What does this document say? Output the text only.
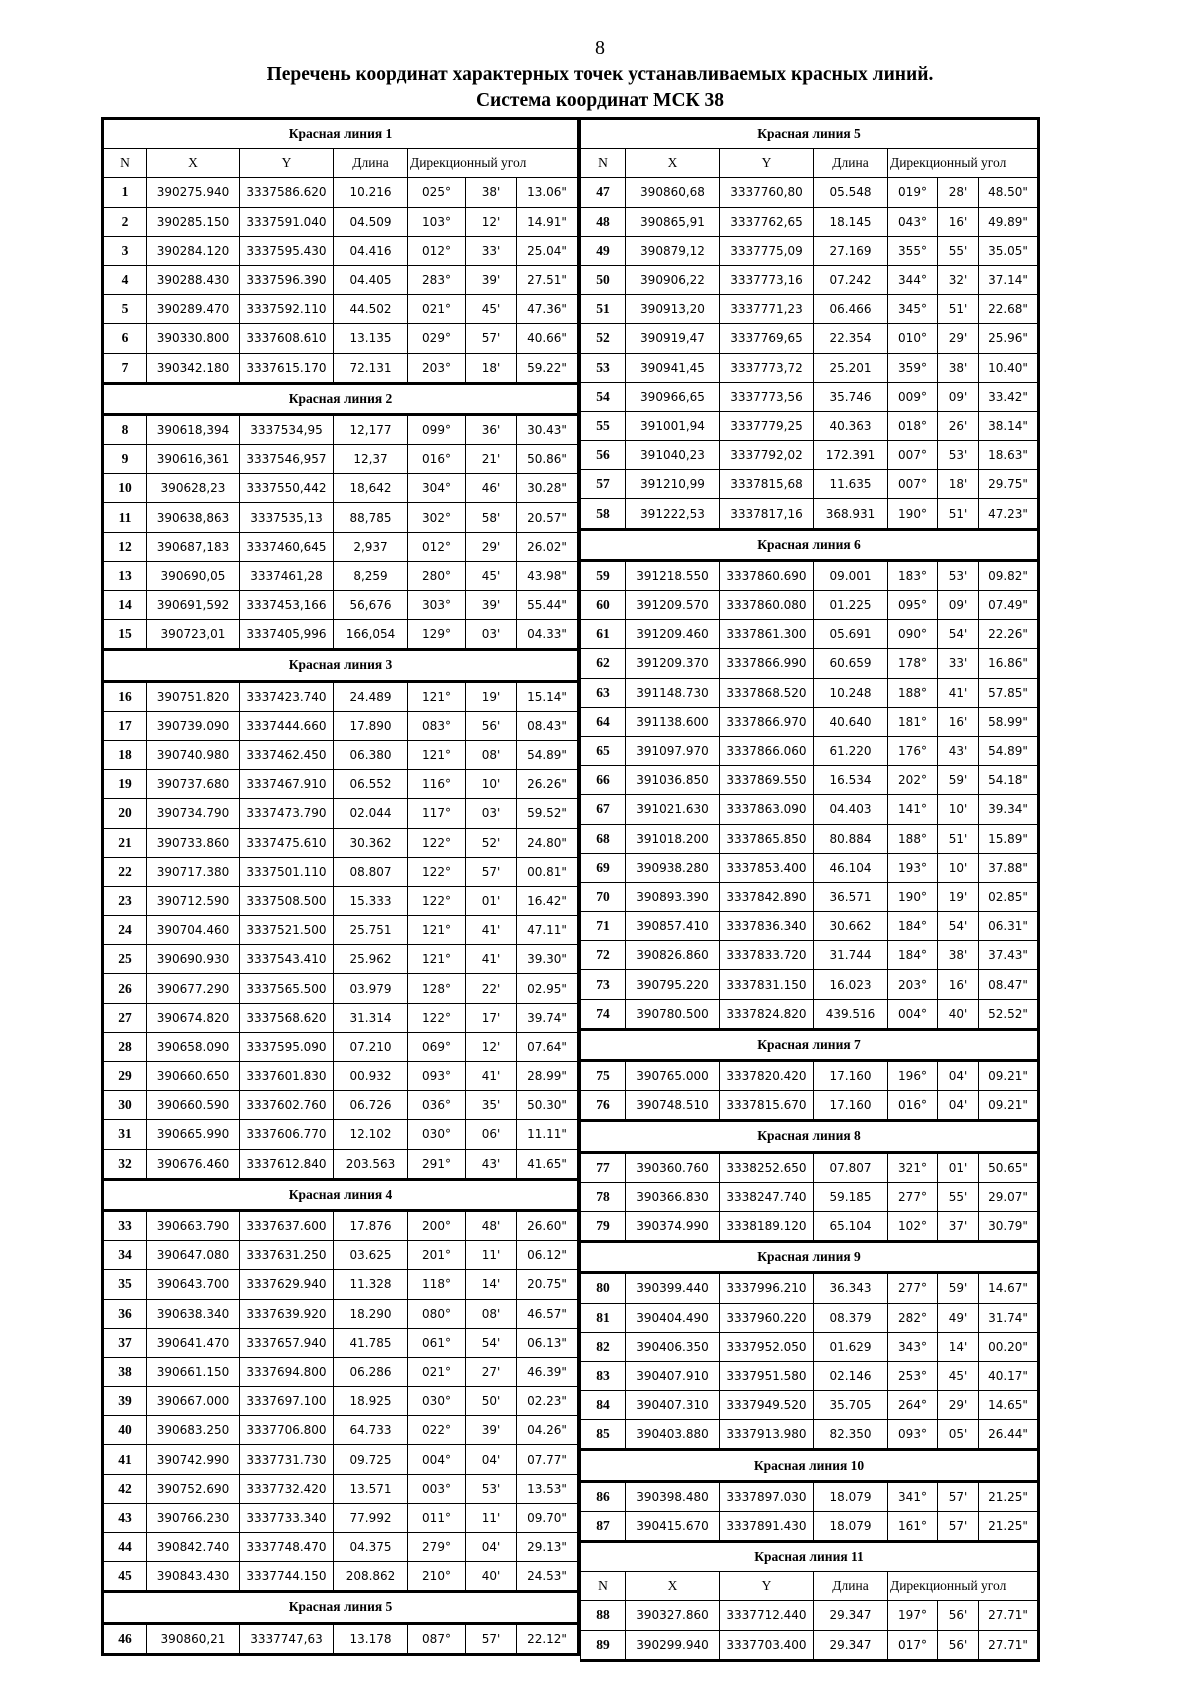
8
Перечень координат характерных точек устанавливаемых красных линий.
Система координат МСК 38
Красная линия 1						
N	X	Y	Длина	Дирекционный угол		
1	390275.940	3337586.620	10.216	025°	38'	13.06"
2	390285.150	3337591.040	04.509	103°	12'	14.91"
3	390284.120	3337595.430	04.416	012°	33'	25.04"
4	390288.430	3337596.390	04.405	283°	39'	27.51"
5	390289.470	3337592.110	44.502	021°	45'	47.36"
6	390330.800	3337608.610	13.135	029°	57'	40.66"
7	390342.180	3337615.170	72.131	203°	18'	59.22"
Красная линия 2						
8	390618,394	3337534,95	12,177	099°	36'	30.43"
9	390616,361	3337546,957	12,37	016°	21'	50.86"
10	390628,23	3337550,442	18,642	304°	46'	30.28"
11	390638,863	3337535,13	88,785	302°	58'	20.57"
12	390687,183	3337460,645	2,937	012°	29'	26.02"
13	390690,05	3337461,28	8,259	280°	45'	43.98"
14	390691,592	3337453,166	56,676	303°	39'	55.44"
15	390723,01	3337405,996	166,054	129°	03'	04.33"
Красная линия 3						
16	390751.820	3337423.740	24.489	121°	19'	15.14"
17	390739.090	3337444.660	17.890	083°	56'	08.43"
18	390740.980	3337462.450	06.380	121°	08'	54.89"
19	390737.680	3337467.910	06.552	116°	10'	26.26"
20	390734.790	3337473.790	02.044	117°	03'	59.52"
21	390733.860	3337475.610	30.362	122°	52'	24.80"
22	390717.380	3337501.110	08.807	122°	57'	00.81"
23	390712.590	3337508.500	15.333	122°	01'	16.42"
24	390704.460	3337521.500	25.751	121°	41'	47.11"
25	390690.930	3337543.410	25.962	121°	41'	39.30"
26	390677.290	3337565.500	03.979	128°	22'	02.95"
27	390674.820	3337568.620	31.314	122°	17'	39.74"
28	390658.090	3337595.090	07.210	069°	12'	07.64"
29	390660.650	3337601.830	00.932	093°	41'	28.99"
30	390660.590	3337602.760	06.726	036°	35'	50.30"
31	390665.990	3337606.770	12.102	030°	06'	11.11"
32	390676.460	3337612.840	203.563	291°	43'	41.65"
Красная линия 4						
33	390663.790	3337637.600	17.876	200°	48'	26.60"
34	390647.080	3337631.250	03.625	201°	11'	06.12"
35	390643.700	3337629.940	11.328	118°	14'	20.75"
36	390638.340	3337639.920	18.290	080°	08'	46.57"
37	390641.470	3337657.940	41.785	061°	54'	06.13"
38	390661.150	3337694.800	06.286	021°	27'	46.39"
39	390667.000	3337697.100	18.925	030°	50'	02.23"
40	390683.250	3337706.800	64.733	022°	39'	04.26"
41	390742.990	3337731.730	09.725	004°	04'	07.77"
42	390752.690	3337732.420	13.571	003°	53'	13.53"
43	390766.230	3337733.340	77.992	011°	11'	09.70"
44	390842.740	3337748.470	04.375	279°	04'	29.13"
45	390843.430	3337744.150	208.862	210°	40'	24.53"
Красная линия 5						
46	390860,21	3337747,63	13.178	087°	57'	22.12"
Красная линия 5						
N	X	Y	Длина	Дирекционный угол		
47	390860,68	3337760,80	05.548	019°	28'	48.50"
48	390865,91	3337762,65	18.145	043°	16'	49.89"
49	390879,12	3337775,09	27.169	355°	55'	35.05"
50	390906,22	3337773,16	07.242	344°	32'	37.14"
51	390913,20	3337771,23	06.466	345°	51'	22.68"
52	390919,47	3337769,65	22.354	010°	29'	25.96"
53	390941,45	3337773,72	25.201	359°	38'	10.40"
54	390966,65	3337773,56	35.746	009°	09'	33.42"
55	391001,94	3337779,25	40.363	018°	26'	38.14"
56	391040,23	3337792,02	172.391	007°	53'	18.63"
57	391210,99	3337815,68	11.635	007°	18'	29.75"
58	391222,53	3337817,16	368.931	190°	51'	47.23"
Красная линия 6						
59	391218.550	3337860.690	09.001	183°	53'	09.82"
60	391209.570	3337860.080	01.225	095°	09'	07.49"
61	391209.460	3337861.300	05.691	090°	54'	22.26"
62	391209.370	3337866.990	60.659	178°	33'	16.86"
63	391148.730	3337868.520	10.248	188°	41'	57.85"
64	391138.600	3337866.970	40.640	181°	16'	58.99"
65	391097.970	3337866.060	61.220	176°	43'	54.89"
66	391036.850	3337869.550	16.534	202°	59'	54.18"
67	391021.630	3337863.090	04.403	141°	10'	39.34"
68	391018.200	3337865.850	80.884	188°	51'	15.89"
69	390938.280	3337853.400	46.104	193°	10'	37.88"
70	390893.390	3337842.890	36.571	190°	19'	02.85"
71	390857.410	3337836.340	30.662	184°	54'	06.31"
72	390826.860	3337833.720	31.744	184°	38'	37.43"
73	390795.220	3337831.150	16.023	203°	16'	08.47"
74	390780.500	3337824.820	439.516	004°	40'	52.52"
Красная линия 7						
75	390765.000	3337820.420	17.160	196°	04'	09.21"
76	390748.510	3337815.670	17.160	016°	04'	09.21"
Красная линия 8						
77	390360.760	3338252.650	07.807	321°	01'	50.65"
78	390366.830	3338247.740	59.185	277°	55'	29.07"
79	390374.990	3338189.120	65.104	102°	37'	30.79"
Красная линия 9						
80	390399.440	3337996.210	36.343	277°	59'	14.67"
81	390404.490	3337960.220	08.379	282°	49'	31.74"
82	390406.350	3337952.050	01.629	343°	14'	00.20"
83	390407.910	3337951.580	02.146	253°	45'	40.17"
84	390407.310	3337949.520	35.705	264°	29'	14.65"
85	390403.880	3337913.980	82.350	093°	05'	26.44"
Красная линия 10						
86	390398.480	3337897.030	18.079	341°	57'	21.25"
87	390415.670	3337891.430	18.079	161°	57'	21.25"
Красная линия 11						
N	X	Y	Длина	Дирекционный угол		
88	390327.860	3337712.440	29.347	197°	56'	27.71"
89	390299.940	3337703.400	29.347	017°	56'	27.71"
